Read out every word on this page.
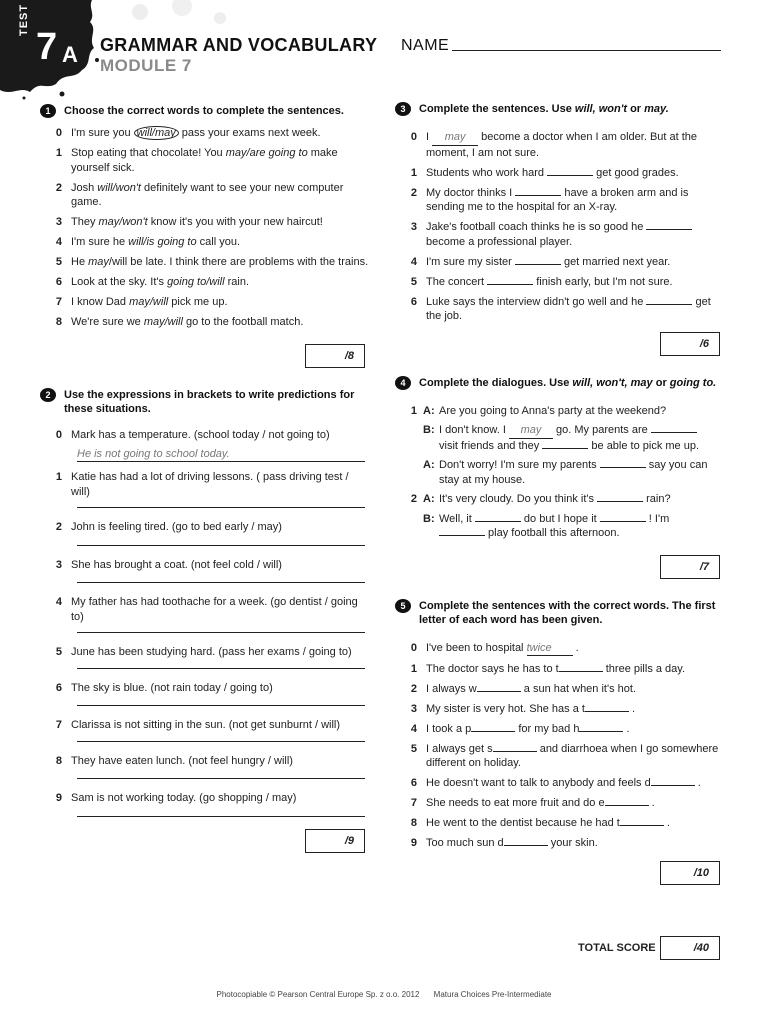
TEST
7 A GRAMMAR AND VOCABULARY
MODULE 7
NAME
1	Choose the correct words to complete the sentences.
0 I'm sure you will/may pass your exams next week.
1 Stop eating that chocolate! You may/are going to make yourself sick.
2 Josh will/won't definitely want to see your new computer game.
3 They may/won't know it's you with your new haircut!
4 I'm sure he will/is going to call you.
5 He may/will be late. I think there are problems with the trains.
6 Look at the sky. It's going to/will rain.
7 I know Dad may/will pick me up.
8 We're sure we may/will go to the football match.
/8
2	Use the expressions in brackets to write predictions for these situations.
0 Mark has a temperature. (school today / not going to)
He is not going to school today.
1 Katie has had a lot of driving lessons. ( pass driving test / will)
2 John is feeling tired. (go to bed early / may)
3 She has brought a coat. (not feel cold / will)
4 My father has had toothache for a week. (go dentist / going to)
5 June has been studying hard. (pass her exams / going to)
6 The sky is blue. (not rain today / going to)
7 Clarissa is not sitting in the sun. (not get sunburnt / will)
8 They have eaten lunch. (not feel hungry / will)
9 Sam is not working today. (go shopping / may)
/9
3	Complete the sentences. Use will, won't or may.
0 I may become a doctor when I am older. But at the moment, I am not sure.
1 Students who work hard	get good grades.
2 My doctor thinks I	have a broken arm and is sending me to the hospital for an X-ray.
3 Jake's football coach thinks he is so good he  become a professional player.
4 I'm sure my sister	get married next year.
5 The concert	finish early, but I'm not sure.
6 Luke says the interview didn't go well and he	get the job.
/6
4	Complete the dialogues. Use will, won't, may or going to.
1 A: Are you going to Anna's party at the weekend?
B: I don't know. I may go. My parents are
visit friends and they	be able to pick me up.
A: Don't worry! I'm sure my parents	say you can stay at my house.
2 A: It's very cloudy. Do you think it's	rain?
B: Well, it	do but I hope it	! I'm
play football this afternoon.
/7
5	Complete the sentences with the correct words. The first letter of each word has been given.
0 I've been to hospital twice .
1 The doctor says he has to t	three pills a day.
2 I always w	a sun hat when it's hot.
3 My sister is very hot. She has a t	.
4 I took a p	for my bad h	.
5 I always get s	and diarrhoea when I go somewhere different on holiday.
6 He doesn't want to talk to anybody and feels d	.
7 She needs to eat more fruit and do e	.
8 He went to the dentist because he had t	.
9 Too much sun d	your skin.
/10
TOTAL SCORE	/40
Photocopiable © Pearson Central Europe Sp. z o.o. 2012 Matura Choices Pre-Intermediate
